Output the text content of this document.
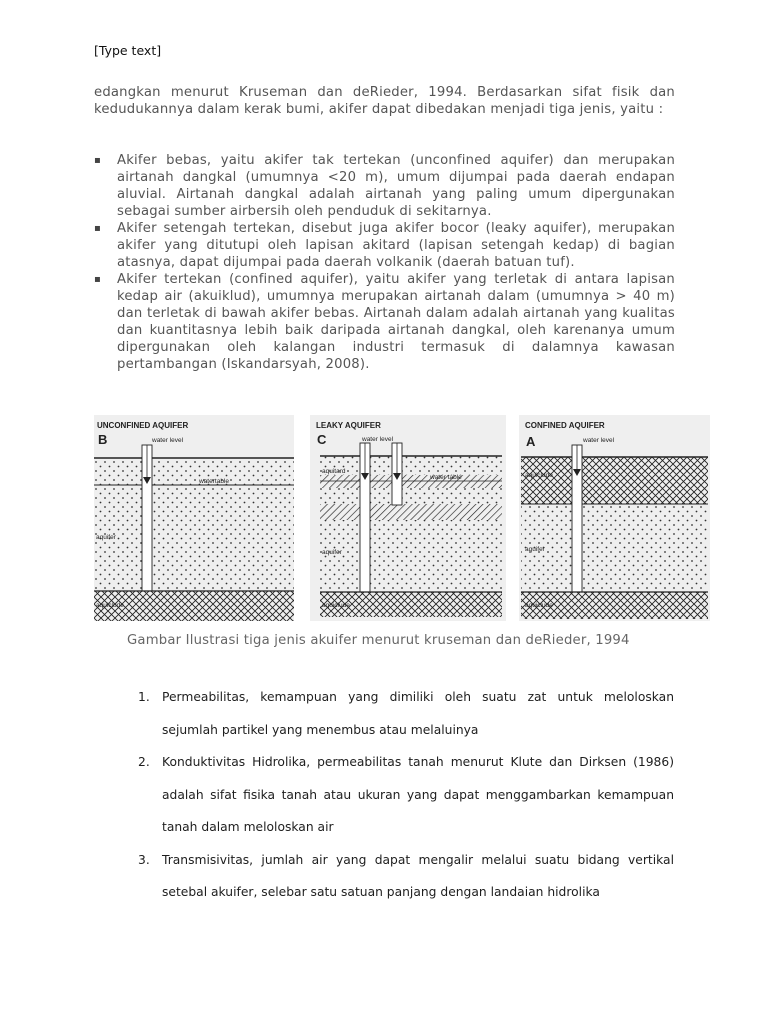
[Type text]

edangkan menurut Kruseman dan deRieder, 1994. Berdasarkan sifat fisik dan kedudukannya dalam kerak bumi, akifer dapat dibedakan menjadi tiga jenis, yaitu :

▪ Akifer bebas, yaitu akifer tak tertekan (unconfined aquifer) dan merupakan airtanah dangkal (umumnya <20 m), umum dijumpai pada daerah endapan aluvial. Airtanah dangkal adalah airtanah yang paling umum dipergunakan sebagai sumber airbersih oleh penduduk di sekitarnya.
▪ Akifer setengah tertekan, disebut juga akifer bocor (leaky aquifer), merupakan akifer yang ditutupi oleh lapisan akitard (lapisan setengah kedap) di bagian atasnya, dapat dijumpai pada daerah volkanik (daerah batuan tuf).
▪ Akifer tertekan (confined aquifer), yaitu akifer yang terletak di antara lapisan kedap air (akuiklud), umumnya merupakan airtanah dalam (umumnya > 40 m) dan terletak di bawah akifer bebas. Airtanah dalam adalah airtanah yang kualitas dan kuantitasnya lebih baik daripada airtanah dangkal, oleh karenanya umum dipergunakan oleh kalangan industri termasuk di dalamnya kawasan pertambangan (Iskandarsyah, 2008).
UNCONFINED AQUIFER
B	water level
watertable
aquifer
aquiclude
LEAKY AQUIFER
C	water level
aquitard
water table
aquifer
aquiclude
CONFINED AQUIFER
A	water level
aquiclude
aquifer
aquiclude
Gambar Ilustrasi tiga jenis akuifer menurut kruseman dan deRieder, 1994
1. Permeabilitas, kemampuan yang dimiliki oleh suatu zat untuk meloloskan sejumlah partikel yang menembus atau melaluinya
2. Konduktivitas Hidrolika, permeabilitas tanah menurut Klute dan Dirksen (1986) adalah sifat fisika tanah atau ukuran yang dapat menggambarkan kemampuan tanah dalam meloloskan air
3. Transmisivitas, jumlah air yang dapat mengalir melalui suatu bidang vertikal setebal akuifer, selebar satu satuan panjang dengan landaian hidrolika
